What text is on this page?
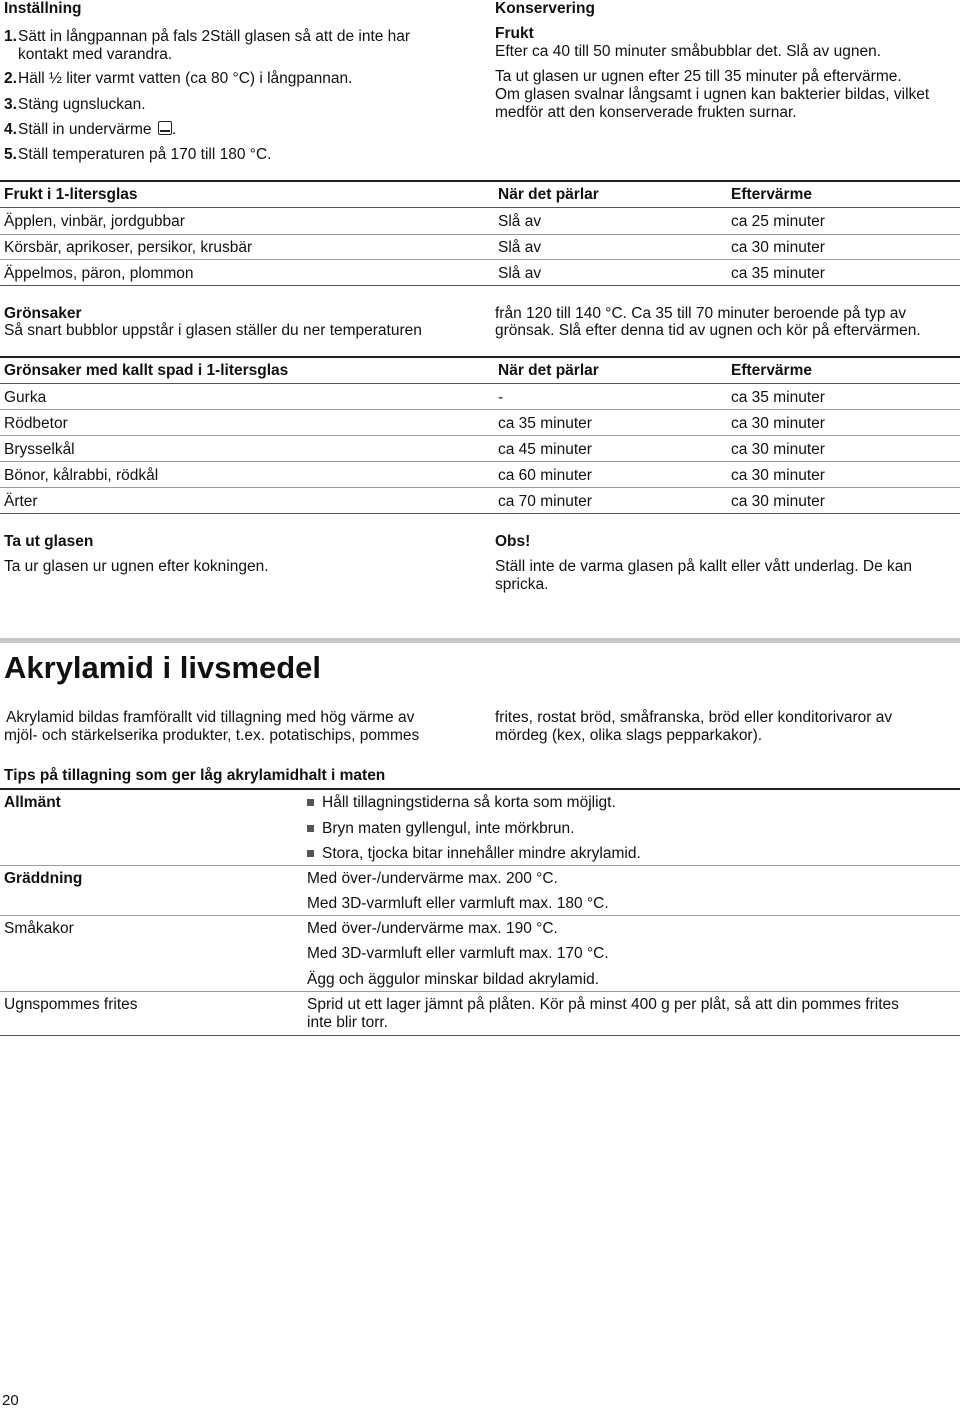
Inställning
1.Sätt in långpannan på fals 2Ställ glasen så att de inte har
kontakt med varandra.
2.Häll ½ liter varmt vatten (ca 80 °C) i långpannan.
3.Stäng ugnsluckan.
4.Ställ in undervärme .
5.Ställ temperaturen på 170 till 180 °C.
Konservering
Frukt
Efter ca 40 till 50 minuter småbubblar det. Slå av ugnen.
Ta ut glasen ur ugnen efter 25 till 35 minuter på eftervärme.
Om glasen svalnar långsamt i ugnen kan bakterier bildas, vilket
medför att den konserverade frukten surnar.
Frukt i 1-litersglas	När det pärlar	Eftervärme
Äpplen, vinbär, jordgubbar	Slå av	ca 25 minuter
Körsbär, aprikoser, persikor, krusbär	Slå av	ca 30 minuter
Äppelmos, päron, plommon	Slå av	ca 35 minuter
Grönsaker
Så snart bubblor uppstår i glasen ställer du ner temperaturen
från 120 till 140 °C. Ca 35 till 70 minuter beroende på typ av
grönsak. Slå efter denna tid av ugnen och kör på eftervärmen.
Grönsaker med kallt spad i 1-litersglas	När det pärlar	Eftervärme
Gurka	-	ca 35 minuter
Rödbetor	ca 35 minuter	ca 30 minuter
Brysselkål	ca 45 minuter	ca 30 minuter
Bönor, kålrabbi, rödkål	ca 60 minuter	ca 30 minuter
Ärter	ca 70 minuter	ca 30 minuter
Ta ut glasen
Ta ur glasen ur ugnen efter kokningen.
Obs!
Ställ inte de varma glasen på kallt eller vått underlag. De kan
spricka.
Akrylamid i livsmedel
Akrylamid bildas framförallt vid tillagning med hög värme av
mjöl- och stärkelserika produkter, t.ex. potatischips, pommes
frites, rostat bröd, småfranska, bröd eller konditorivaror av
mördeg (kex, olika slags pepparkakor).
Tips på tillagning som ger låg akrylamidhalt i maten
Allmänt	Håll tillagningstiderna så korta som möjligt.
Bryn maten gyllengul, inte mörkbrun.
Stora, tjocka bitar innehåller mindre akrylamid.
Gräddning	Med över-/undervärme max. 200 °C.
Med 3D-varmluft eller varmluft max. 180 °C.
Småkakor	Med över-/undervärme max. 190 °C.
Med 3D-varmluft eller varmluft max. 170 °C.
Ägg och äggulor minskar bildad akrylamid.
Ugnspommes frites	Sprid ut ett lager jämnt på plåten. Kör på minst 400 g per plåt, så att din pommes frites
inte blir torr.
20
